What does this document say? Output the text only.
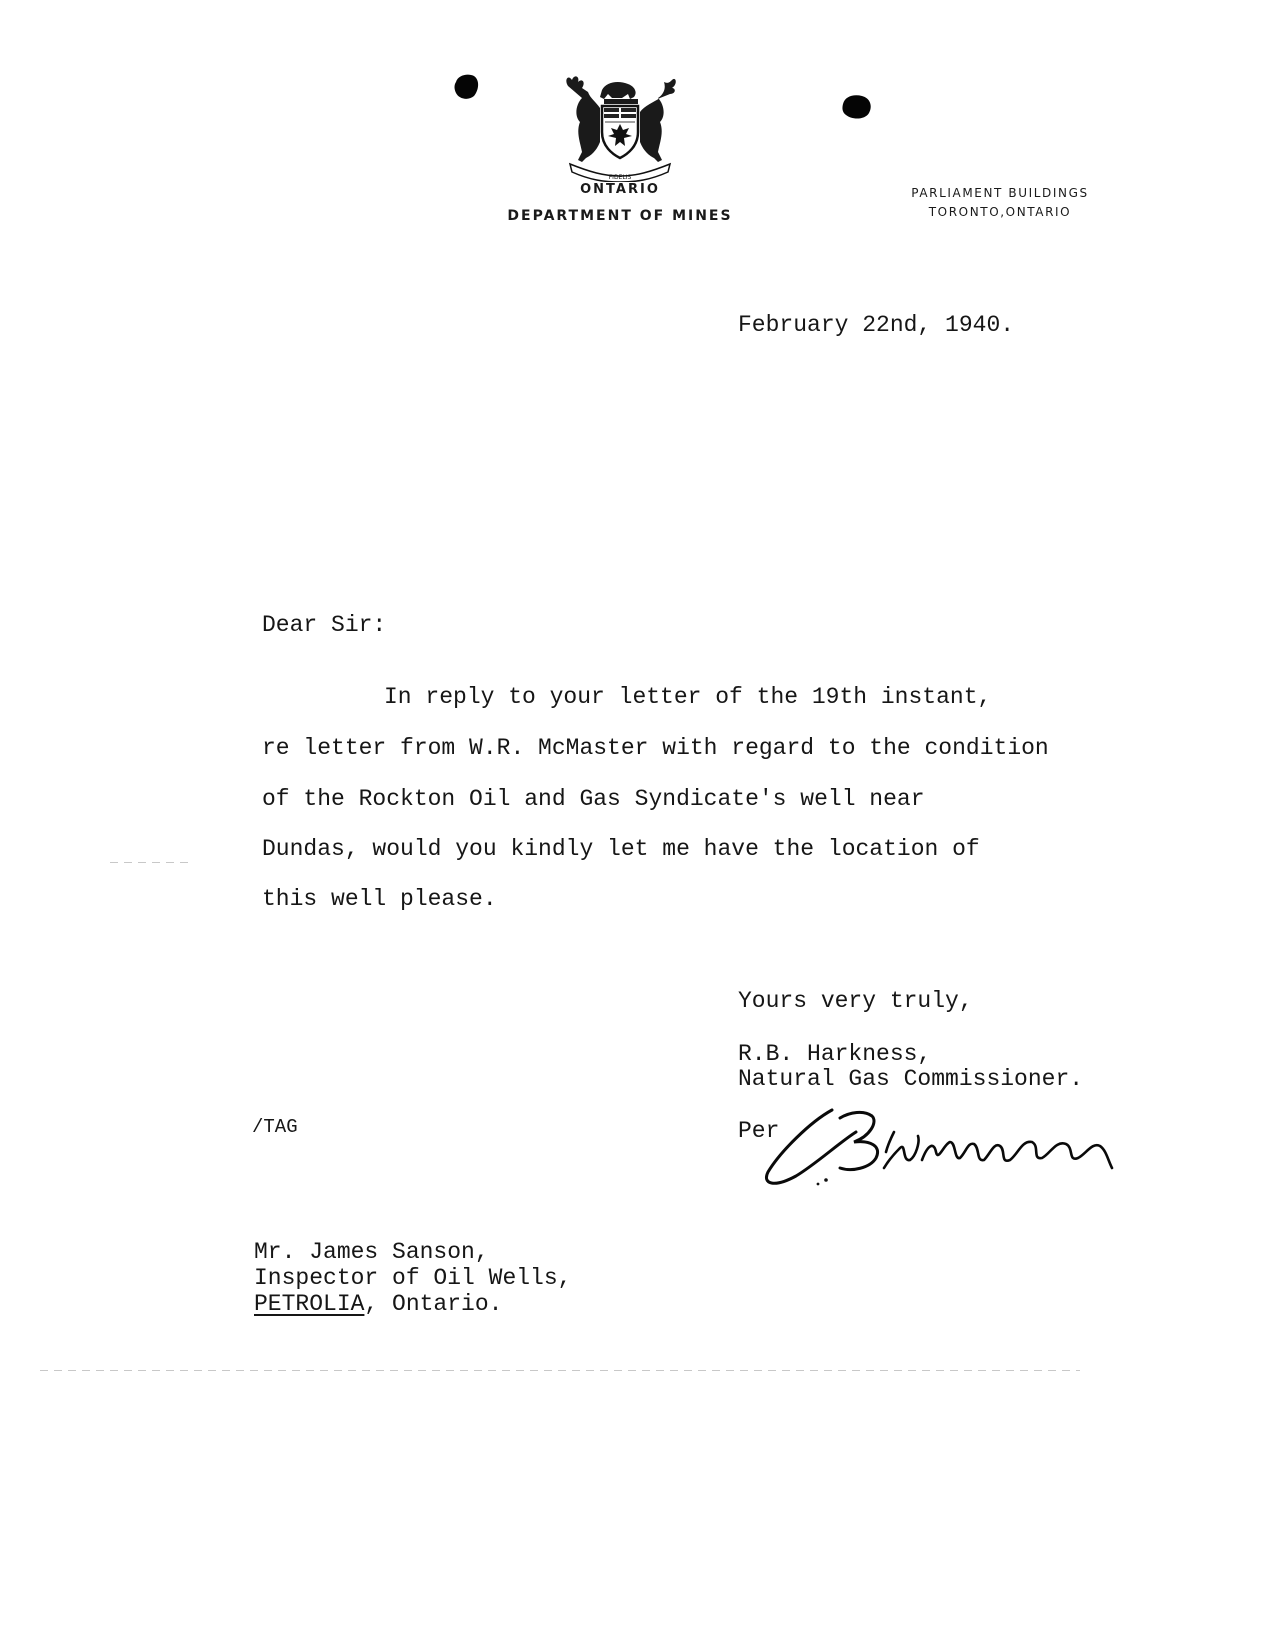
FIDELIS
ONTARIO
DEPARTMENT OF MINES
PARLIAMENT BUILDINGS
TORONTO,ONTARIO
February 22nd, 1940.
Dear Sir:
In reply to your letter of the 19th instant,
re letter from W.R. McMaster with regard to the condition
of the Rockton Oil and Gas Syndicate's well near
Dundas, would you kindly let me have the location of
this well please.
Yours very truly,
R.B. Harkness,
Natural Gas Commissioner.
Per
/TAG
Mr. James Sanson,
Inspector of Oil Wells,
PETROLIA, Ontario.
